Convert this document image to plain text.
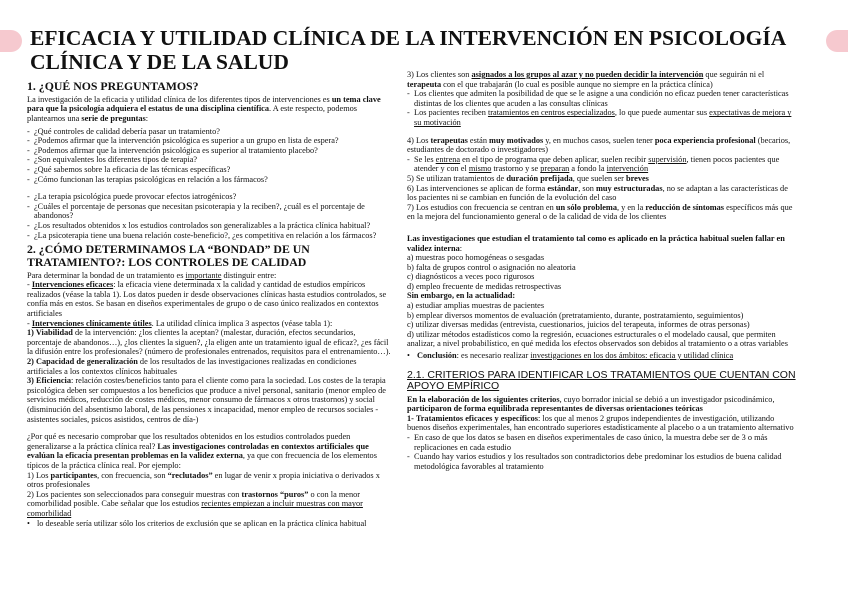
EFICACIA Y UTILIDAD CLÍNICA DE LA INTERVENCIÓN EN PSICOLOGÍA CLÍNICA Y DE LA SALUD
1. ¿QUÉ NOS PREGUNTAMOS?

La investigación de la eficacia y utilidad clínica de los diferentes tipos de intervenciones es un tema clave para que la psicología adquiera el estatus de una disciplina científica. A este respecto, podemos plantearnos una serie de preguntas:

- ¿Qué controles de calidad debería pasar un tratamiento?
- ¿Podemos afirmar que la intervención psicológica es superior a un grupo en lista de espera?
- ¿Podemos afirmar que la intervención psicológica es superior al tratamiento placebo?
- ¿Son equivalentes los diferentes tipos de terapia?
- ¿Qué sabemos sobre la eficacia de las técnicas específicas?
- ¿Cómo funcionan las terapias psicológicas en relación a los fármacos?
- ¿La terapia psicológica puede provocar efectos iatrogénicos?
- ¿Cuáles el porcentaje de personas que necesitan psicoterapia y la reciben?, ¿cuál es el porcentaje de abandonos?
- ¿Los resultados obtenidos x los estudios controlados son generalizables a la práctica clínica habitual?
- ¿La psicoterapia tiene una buena relación coste-beneficio?, ¿es competitiva en relación a los fármacos?
2. ¿CÓMO DETERMINAMOS LA “BONDAD” DE UN TRATAMIENTO?: LOS CONTROLES DE CALIDAD

Para determinar la bondad de un tratamiento es importante distinguir entre:

- Intervenciones eficaces: la eficacia viene determinada x la calidad y cantidad de estudios empíricos realizados (véase la tabla 1). Los datos pueden ir desde observaciones clínicas hasta estudios controlados, se confía más en estos. Se basan en diseños experimentales de grupo o de caso único realizados en contextos artificiales

- Intervenciones clínicamente útiles. La utilidad clínica implica 3 aspectos (véase tabla 1):

1) Viabilidad de la intervención: ¿los clientes la aceptan? (malestar, duración, efectos secundarios, porcentaje de abandonos…), ¿los clientes la siguen?, ¿la eligen ante un tratamiento igual de eficaz?, ¿es fácil la difusión entre los profesionales? (número de profesionales entrenados, requisitos para el entrenamiento…).

2) Capacidad de generalización de los resultados de las investigaciones realizadas en condiciones artificiales a los contextos clínicos habituales

3) Eficiencia: relación costes/beneficios tanto para el cliente como para la sociedad. Los costes de la terapia psicológica deben ser compuestos a los beneficios que produce a nivel personal, sanitario (menor empleo de servicios médicos, reducción de costes médicos, menor consumo de fármacos x otros trastornos) y social (disminución del absentismo laboral, de las pensiones x incapacidad, menor empleo de recursos sociales -asistentes sociales, psicos asistidos, centros de día-)

¿Por qué es necesario comprobar que los resultados obtenidos en los estudios controlados pueden generalizarse a la práctica clínica real? Las investigaciones controladas en contextos artificiales que evalúan la eficacia presentan problemas en la validez externa, ya que con frecuencia de los elementos típicos de la práctica clínica real. Por ejemplo:

1) Los participantes, con frecuencia, son “reclutados” en lugar de venir x propia iniciativa o derivados x otros profesionales

2) Los pacientes son seleccionados para conseguir muestras con trastornos “puros” o con la menor comorbilidad posible. Cabe señalar que los estudios recientes empiezan a incluir muestras con mayor comorbilidad

• lo deseable sería utilizar sólo los criterios de exclusión que se aplican en la práctica clínica habitual

3) Los clientes son asignados a los grupos al azar y no pueden decidir la intervención que seguirán ni el terapeuta con el que trabajarán (lo cual es posible aunque no siempre en la práctica clínica)

- Los clientes que admiten la posibilidad de que se le asigne a una condición no eficaz pueden tener características distintas de los clientes que acuden a las consultas clínicas
- Los pacientes reciben tratamientos en centros especializados, lo que puede aumentar sus expectativas de mejora y su motivación

4) Los terapeutas están muy motivados y, en muchos casos, suelen tener poca experiencia profesional (becarios, estudiantes de doctorado o investigadores)

- Se les entrena en el tipo de programa que deben aplicar, suelen recibir supervisión, tienen pocos pacientes que atender y con el mismo trastorno y se preparan a fondo la intervención

5) Se utilizan tratamientos de duración prefijada, que suelen ser breves

6) Las intervenciones se aplican de forma estándar, son muy estructuradas, no se adaptan a las características de los pacientes ni se cambian en función de la evolución del caso

7) Los estudios con frecuencia se centran en un sólo problema, y en la reducción de síntomas específicos más que en la mejora del funcionamiento general o de la calidad de vida de los clientes

Las investigaciones que estudian el tratamiento tal como es aplicado en la práctica habitual suelen fallar en validez interna:

a) muestras poco homogéneas o sesgadas
b) falta de grupos control o asignación no aleatoria
c) diagnósticos a veces poco rigurosos
d) empleo frecuente de medidas retrospectivas
Sin embargo, en la actualidad:
a) estudiar amplias muestras de pacientes
b) emplear diversos momentos de evaluación (pretratamiento, durante, postratamiento, seguimientos)
c) utilizar diversas medidas (entrevista, cuestionarios, juicios del terapeuta, informes de otras personas)
d) utilizar métodos estadísticos como la regresión, ecuaciones estructurales o el modelado causal, que permiten analizar, a nivel probabilístico, en qué medida los efectos observados son debidos al tratamiento o a otras variables
• Conclusión: es necesario realizar investigaciones en los dos ámbitos: eficacia y utilidad clínica
2.1. CRITERIOS PARA IDENTIFICAR LOS TRATAMIENTOS QUE CUENTAN CON APOYO EMPÍRICO

En la elaboración de los siguientes criterios, cuyo borrador inicial se debió a un investigador psicodinámico, participaron de forma equilibrada representantes de diversas orientaciones teóricas

1- Tratamientos eficaces y específicos: los que al menos 2 grupos independientes de investigación, utilizando buenos diseños experimentales, han encontrado superiores estadísticamente al placebo o a un tratamiento alternativo

- En caso de que los datos se basen en diseños experimentales de caso único, la muestra debe ser de 3 o más replicaciones en cada estudio
- Cuando hay varios estudios y los resultados son contradictorios debe predominar los estudios de buena calidad metodológica favorables al tratamiento
